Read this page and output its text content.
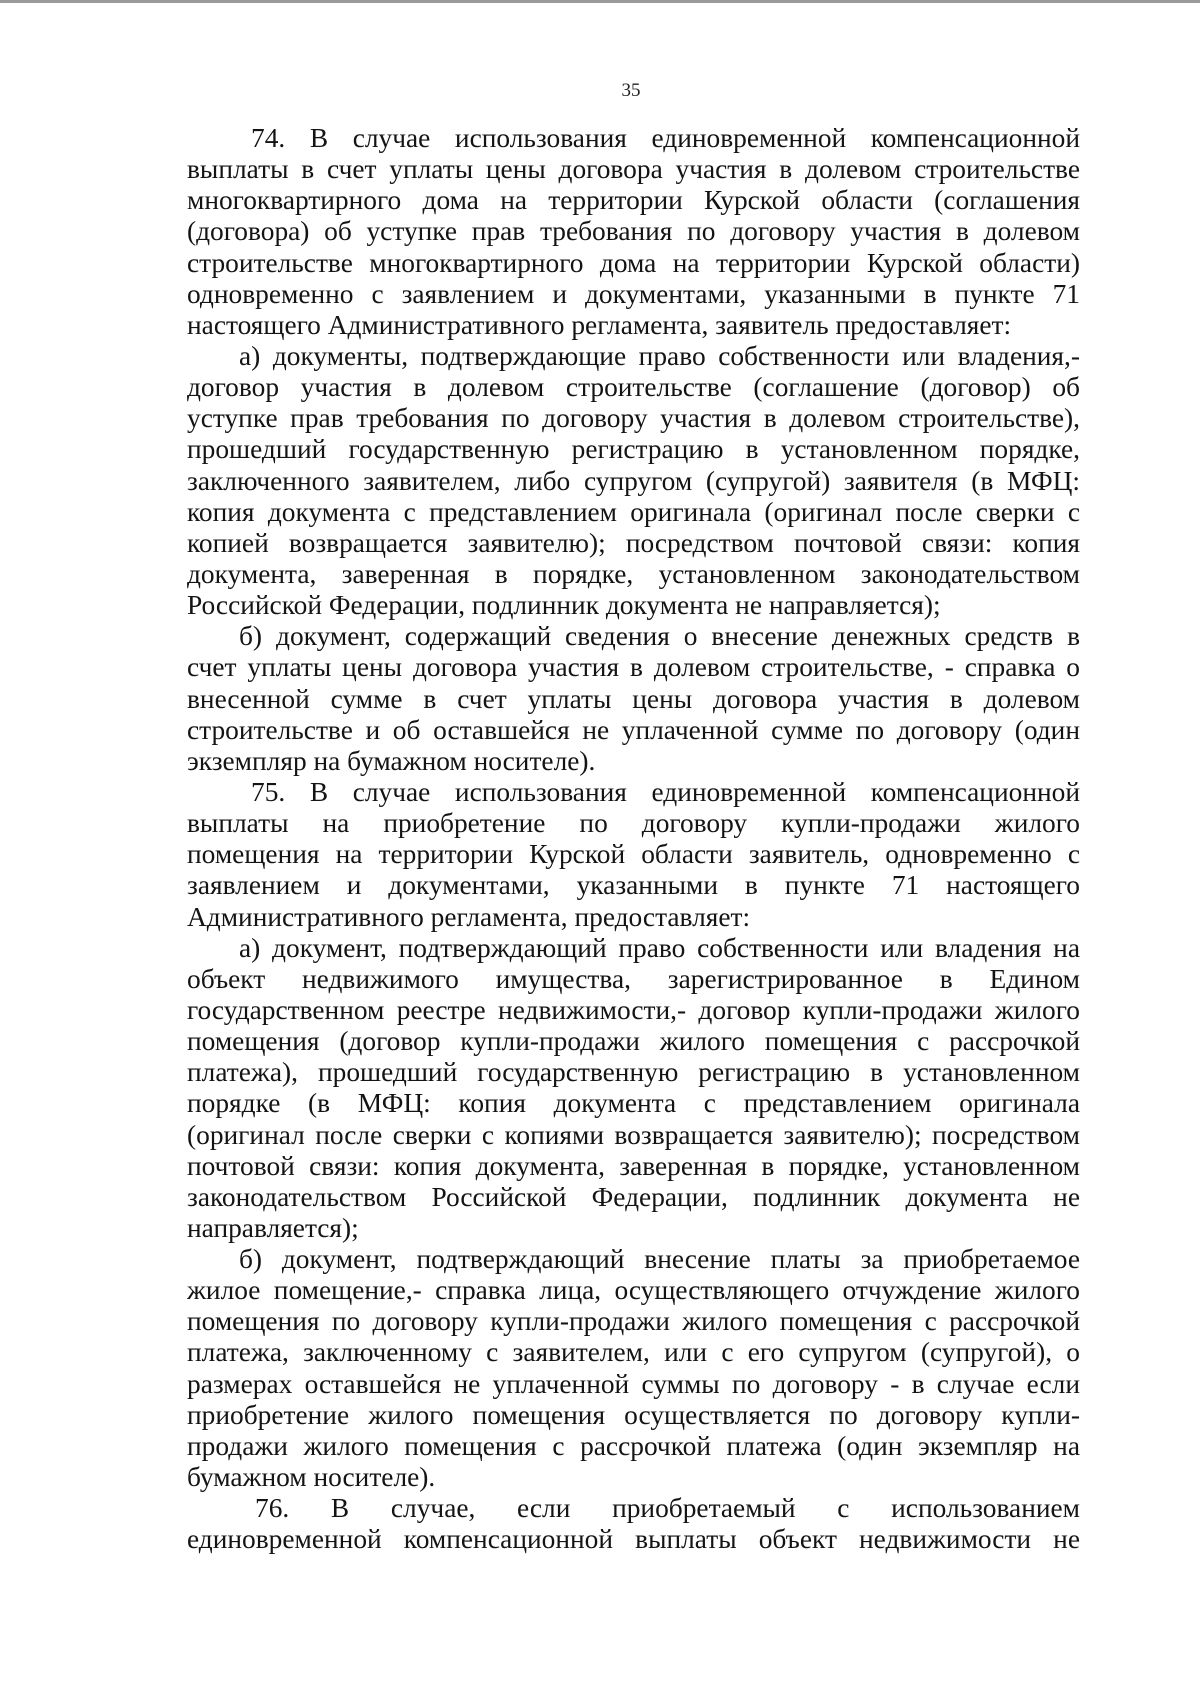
35
74. В случае использования единовременной компенсационной
выплаты в счет уплаты цены договора участия в долевом строительстве
многоквартирного дома на территории Курской области (соглашения
(договора) об уступке прав требования по договору участия в долевом
строительстве многоквартирного дома на территории Курской области)
одновременно с заявлением и документами, указанными в пункте 71
настоящего Административного регламента, заявитель предоставляет:
а) документы, подтверждающие право собственности или владения,-
договор участия в долевом строительстве (соглашение (договор) об
уступке прав требования по договору участия в долевом строительстве),
прошедший государственную регистрацию в установленном порядке,
заключенного заявителем, либо супругом (супругой) заявителя (в МФЦ:
копия документа с представлением оригинала (оригинал после сверки с
копией возвращается заявителю); посредством почтовой связи: копия
документа, заверенная в порядке, установленном законодательством
Российской Федерации, подлинник документа не направляется);
б) документ, содержащий сведения о внесение денежных средств в
счет уплаты цены договора участия в долевом строительстве, - справка о
внесенной сумме в счет уплаты цены договора участия в долевом
строительстве и об оставшейся не уплаченной сумме по договору (один
экземпляр на бумажном носителе).
75. В случае использования единовременной компенсационной
выплаты на приобретение по договору купли-продажи жилого
помещения на территории Курской области заявитель, одновременно с
заявлением и документами, указанными в пункте 71 настоящего
Административного регламента, предоставляет:
а) документ, подтверждающий право собственности или владения на
объект недвижимого имущества, зарегистрированное в Едином
государственном реестре недвижимости,- договор купли-продажи жилого
помещения (договор купли-продажи жилого помещения с рассрочкой
платежа), прошедший государственную регистрацию в установленном
порядке (в МФЦ: копия документа с представлением оригинала
(оригинал после сверки с копиями возвращается заявителю); посредством
почтовой связи: копия документа, заверенная в порядке, установленном
законодательством Российской Федерации, подлинник документа не
направляется);
б) документ, подтверждающий внесение платы за приобретаемое
жилое помещение,- справка лица, осуществляющего отчуждение жилого
помещения по договору купли-продажи жилого помещения с рассрочкой
платежа, заключенному с заявителем, или с его супругом (супругой), о
размерах оставшейся не уплаченной суммы по договору - в случае если
приобретение жилого помещения осуществляется по договору купли-
продажи жилого помещения с рассрочкой платежа (один экземпляр на
бумажном носителе).
76. В случае, если приобретаемый с использованием
единовременной компенсационной выплаты объект недвижимости не
